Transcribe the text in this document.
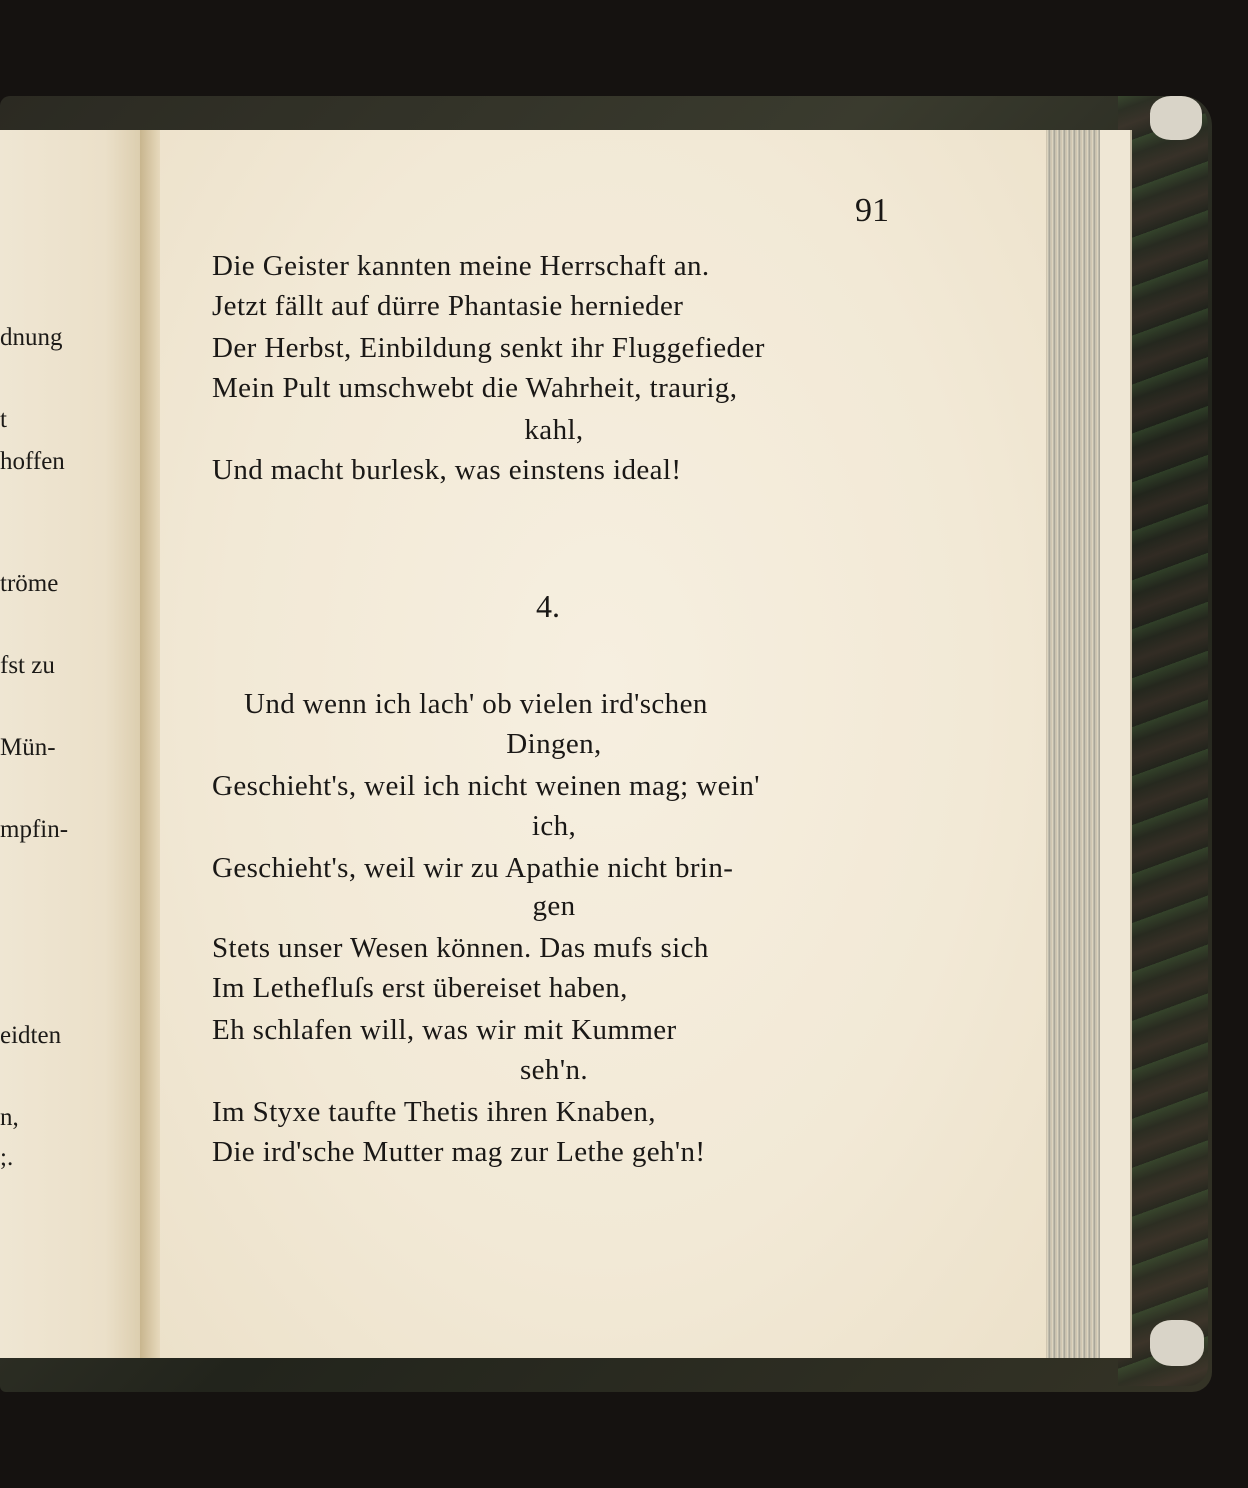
dnung
t
hoffen
tröme
fst zu
Mün-
mpfin-
eidten
n,
;.
91
Die Geister kannten meine Herrschaft an.
Jetzt fällt auf dürre Phantasie hernieder
Der Herbst, Einbildung senkt ihr Fluggefieder
Mein Pult umschwebt die Wahrheit, traurig,
kahl,
Und macht burlesk, was einstens ideal!
4.
Und wenn ich lach' ob vielen ird'schen
Dingen,
Geschieht's, weil ich nicht weinen mag; wein'
ich,
Geschieht's, weil wir zu Apathie nicht brin-
gen
Stets unser Wesen können. Das mufs sich
Im Lethefluſs erst übereiset haben,
Eh schlafen will, was wir mit Kummer
seh'n.
Im Styxe taufte Thetis ihren Knaben,
Die ird'sche Mutter mag zur Lethe geh'n!
